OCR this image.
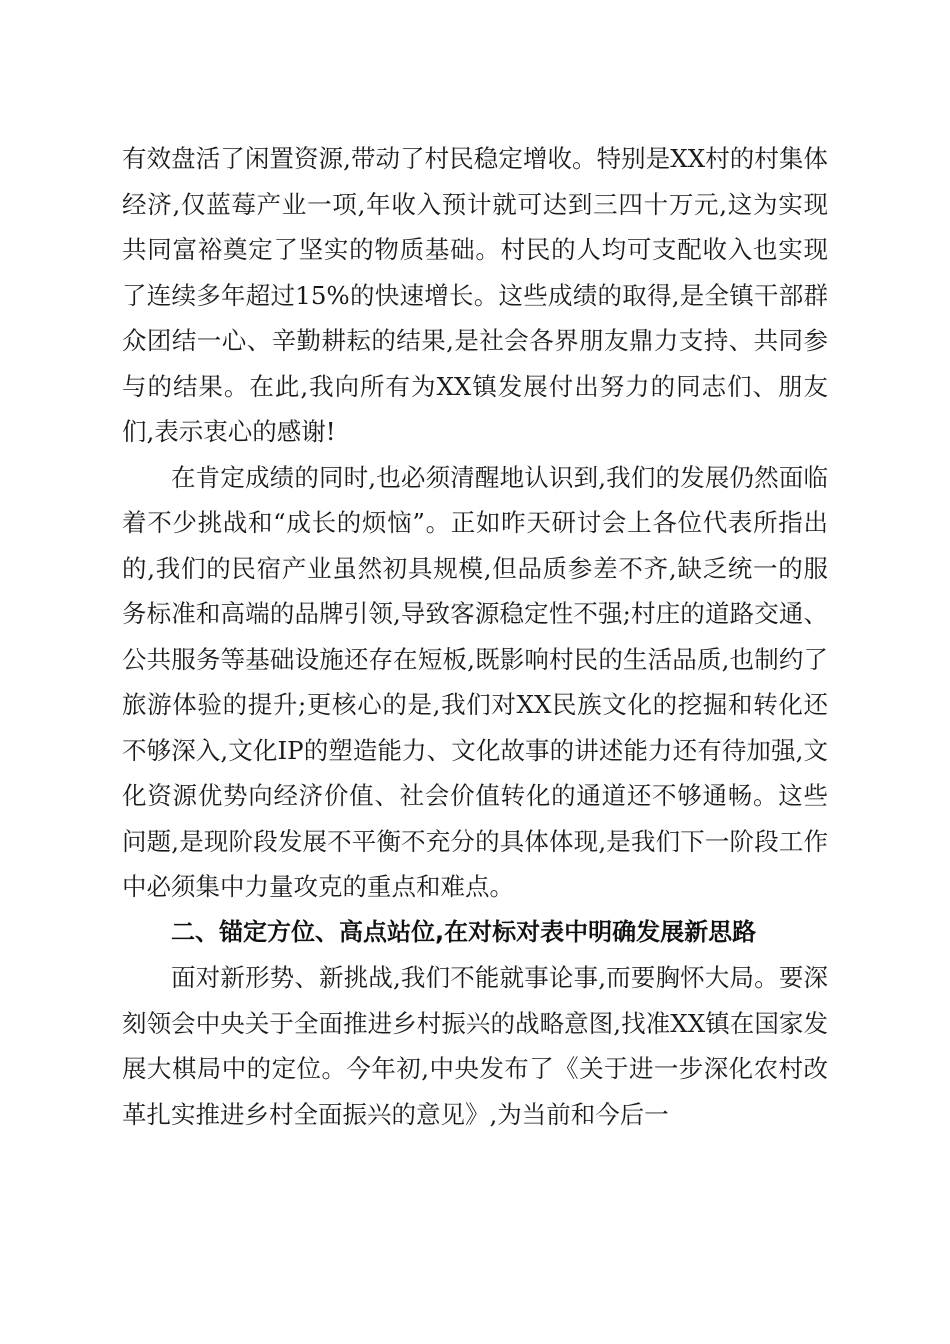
有效盘活了闲置资源,带动了村民稳定增收。特别是XX村的村集体经济,仅蓝莓产业一项,年收入预计就可达到三四十万元,这为实现共同富裕奠定了坚实的物质基础。村民的人均可支配收入也实现了连续多年超过15%的快速增长。这些成绩的取得,是全镇干部群众团结一心、辛勤耕耘的结果,是社会各界朋友鼎力支持、共同参与的结果。在此,我向所有为XX镇发展付出努力的同志们、朋友们,表示衷心的感谢!

在肯定成绩的同时,也必须清醒地认识到,我们的发展仍然面临着不少挑战和“成长的烦恼”。正如昨天研讨会上各位代表所指出的,我们的民宿产业虽然初具规模,但品质参差不齐,缺乏统一的服务标准和高端的品牌引领,导致客源稳定性不强;村庄的道路交通、公共服务等基础设施还存在短板,既影响村民的生活品质,也制约了旅游体验的提升;更核心的是,我们对XX民族文化的挖掘和转化还不够深入,文化IP的塑造能力、文化故事的讲述能力还有待加强,文化资源优势向经济价值、社会价值转化的通道还不够通畅。这些问题,是现阶段发展不平衡不充分的具体体现,是我们下一阶段工作中必须集中力量攻克的重点和难点。

二、锚定方位、高点站位,在对标对表中明确发展新思路

面对新形势、新挑战,我们不能就事论事,而要胸怀大局。要深刻领会中央关于全面推进乡村振兴的战略意图,找准XX镇在国家发展大棋局中的定位。今年初,中央发布了《关于进一步深化农村改革扎实推进乡村全面振兴的意见》,为当前和今后一
